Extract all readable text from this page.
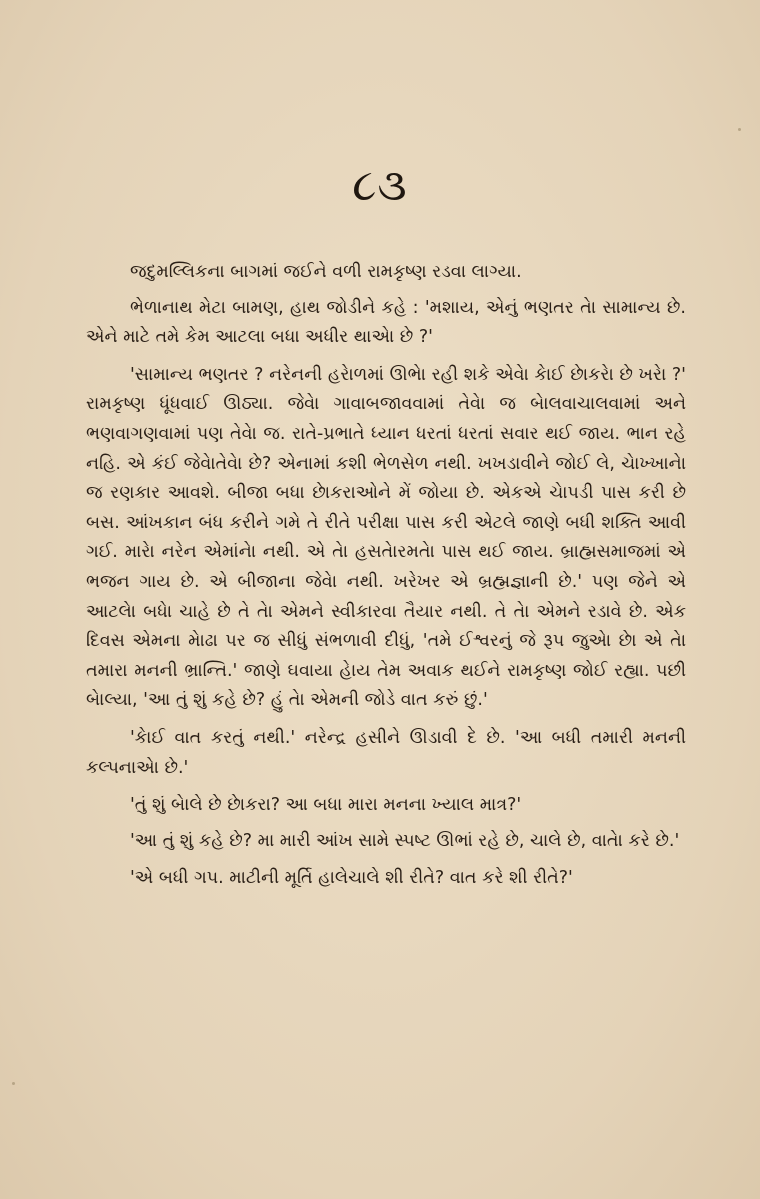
૮૩

જદુમલ્લિકના બાગમાં જઈને વળી રામકૃષ્ણ રડવા લાગ્યા.

ભેળાનાથ મેટા બામણ, હાથ જોડીને કહે : 'મશાય, એનું ભણતર તેા સામાન્ય છે. એને માટે તમે કેમ આટલા બધા અધીર થાએા છે ?'

'સામાન્ય ભણતર ? નરેનની હરેાળમાં ઊભેા રહી શકે એવેા કેાઈ છેાકરેા છે ખરેા ?' રામકૃષ્ણ ધૂંધવાઈ ઊઠ્યા. જેવેા ગાવાબજાવવામાં તેવેા જ બેાલવાચાલવામાં અને ભણવાગણવામાં પણ તેવેા જ. રાતે-પ્રભાતે ધ્યાન ધરતાં ધરતાં સવાર થઈ જાય. ભાન રહે નહિ. એ કંઈ જેવેાતેવેા છે? એનામાં કશી ભેળસેળ નથી. ખખડાવીને જોઈ લે, ચેાખ્ખાનેા જ રણકાર આવશે. બીજા બધા છેાકરાઓને મેં જોયા છે. એકએ ચેાપડી પાસ કરી છે બસ. આંખકાન બંધ કરીને ગમે તે રીતે પરીક્ષા પાસ કરી એટલે જાણે બધી શક્તિ આવી ગઈ. મારેા નરેન એમાંનેા નથી. એ તેા હસતેારમતેા પાસ થઈ જાય. બ્રાહ્મસમાજમાં એ ભજન ગાય છે. એ બીજાના જેવેા નથી. ખરેખર એ બ્રહ્મજ્ઞાની છે.' પણ જેને એ આટલેા બધેા ચાહે છે તે તેા એમને સ્વીકારવા તૈયાર નથી. તે તેા એમને રડાવે છે. એક દિવસ એમના મેાઢા પર જ સીધું સંભળાવી દીધું, 'તમે ઈશ્વરનું જે રૂપ જુએા છેા એ તેા તમારા મનની ભ્રાન્તિ.' જાણે ઘવાયા હેાય તેમ અવાક થઈને રામકૃષ્ણ જોઈ રહ્યા. પછી બેાલ્યા, 'આ તું શું કહે છે? હું તેા એમની જોડે વાત કરું છું.'

'કેાઈ વાત કરતું નથી.' નરેન્દ્ર હસીને ઊડાવી દે છે. 'આ બધી તમારી મનની કલ્પનાએા છે.'

'તું શું બેાલે છે છેાકરા? આ બધા મારા મનના ખ્યાલ માત્ર?'

'આ તું શું કહે છે? મા મારી આંખ સામે સ્પષ્ટ ઊભાં રહે છે, ચાલે છે, વાતેા કરે છે.'

'એ બધી ગપ. માટીની મૂર્તિ હાલેચાલે શી રીતે? વાત કરે શી રીતે?'
